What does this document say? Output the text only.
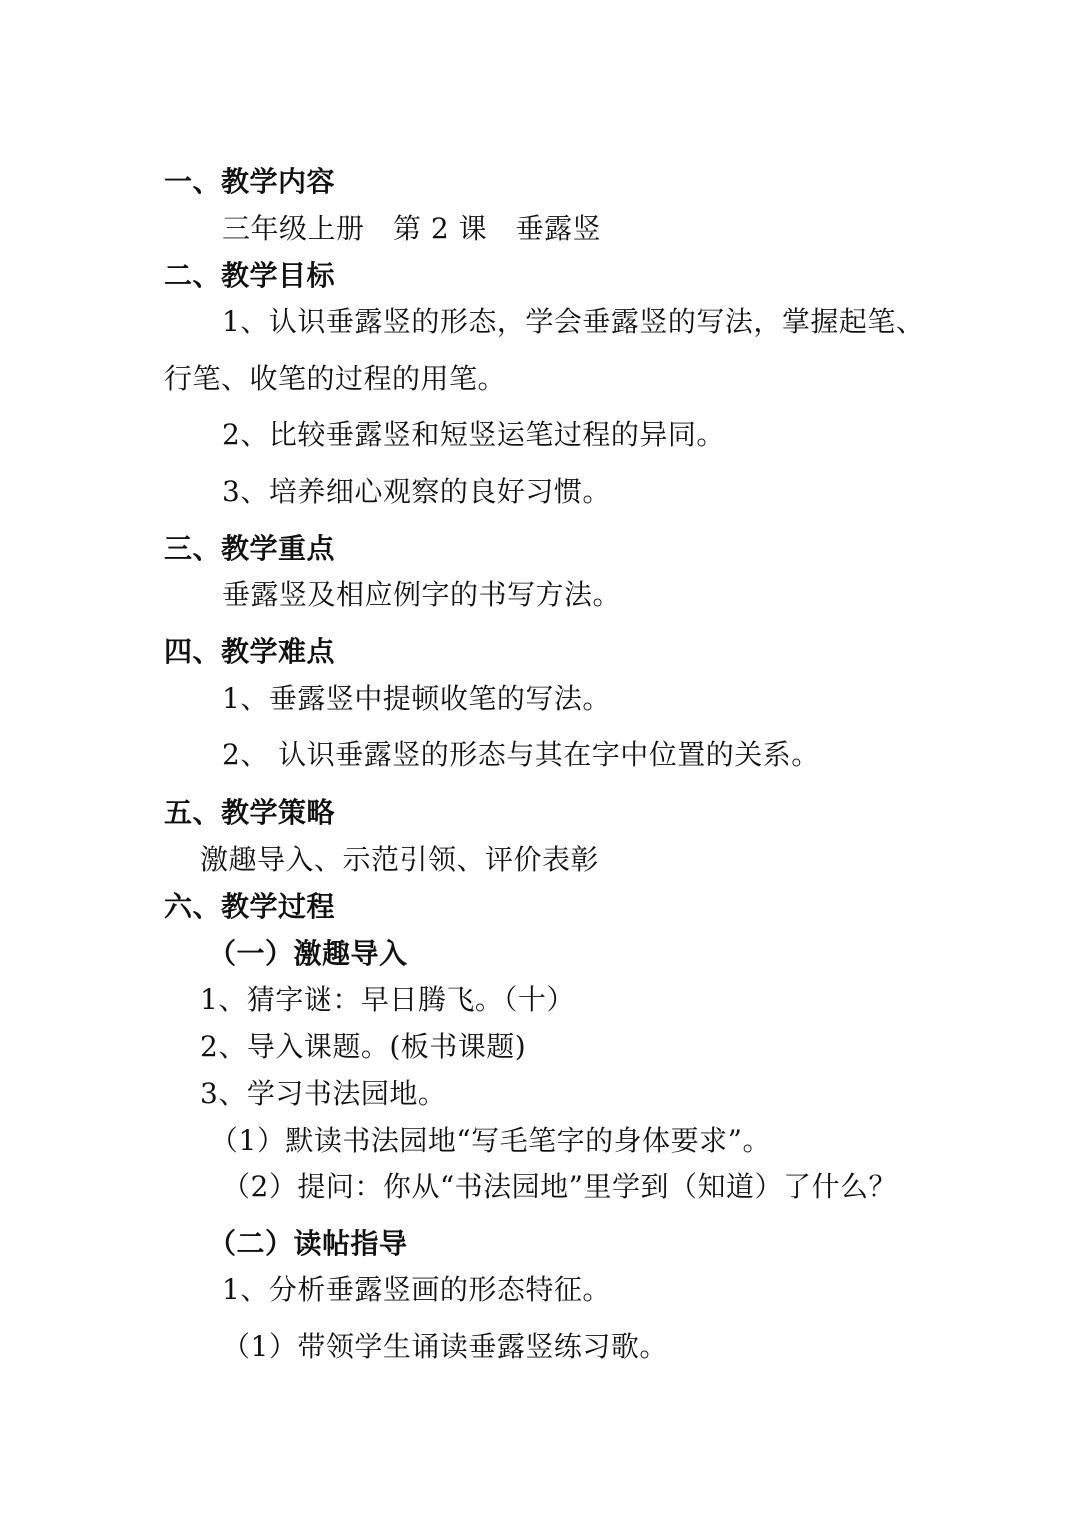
一、教学内容
三年级上册　第 2 课　垂露竖
二、教学目标
1、认识垂露竖的形态，学会垂露竖的写法，掌握起笔、
行笔、收笔的过程的用笔。
2、比较垂露竖和短竖运笔过程的异同。
3、培养细心观察的良好习惯。
三、教学重点
垂露竖及相应例字的书写方法。
四、教学难点
1、垂露竖中提顿收笔的写法。
2、 认识垂露竖的形态与其在字中位置的关系。
五、教学策略
激趣导入、示范引领、评价表彰
六、教学过程
（一）激趣导入
1、猜字谜：早日腾飞。（十）
2、导入课题。(板书课题)
3、学习书法园地。
（1）默读书法园地“写毛笔字的身体要求”。
（2）提问：你从“书法园地”里学到（知道）了什么？
（二）读帖指导
1、分析垂露竖画的形态特征。
（1）带领学生诵读垂露竖练习歌。
